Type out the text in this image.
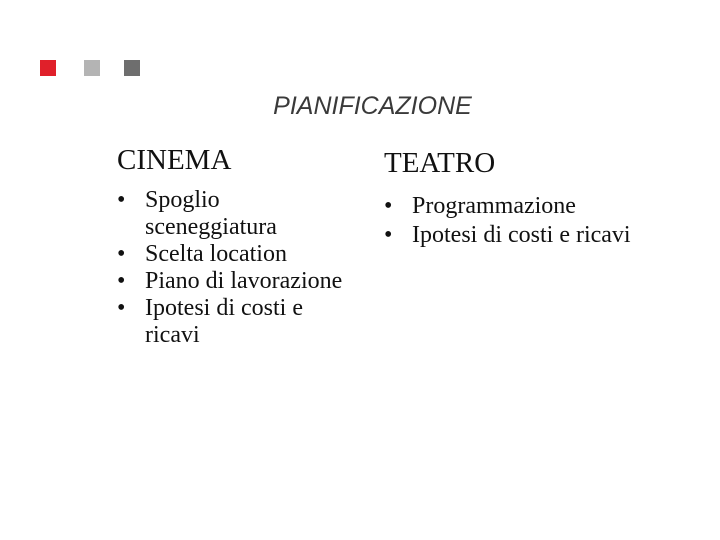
PIANIFICAZIONE
CINEMA
• Spoglio sceneggiatura
• Scelta location
• Piano di lavorazione
• Ipotesi di costi e ricavi
TEATRO
• Programmazione
• Ipotesi di costi e ricavi
